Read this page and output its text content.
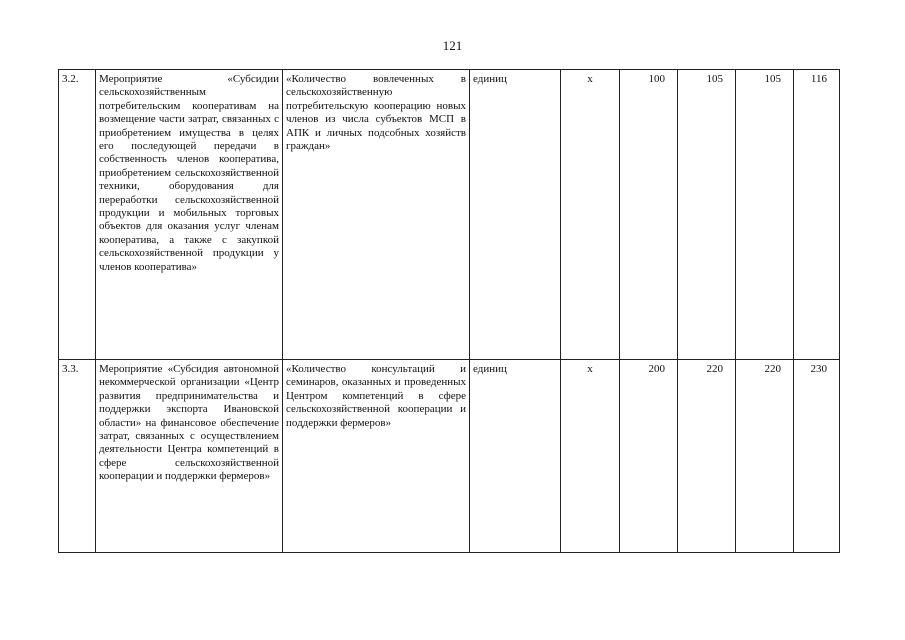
121
3.2.	Мероприятие «Субсидии сельскохозяйственным потребительским кооперативам на возмещение части затрат, связанных с приобретением имущества в целях его последующей передачи в собственность членов кооператива, приобретением сельскохозяйственной техники, оборудования для переработки сельскохозяйственной продукции и мобильных торговых объектов для оказания услуг членам кооператива, а также с закупкой сельскохозяйственной продукции у членов кооператива»	«Количество вовлеченных в сельскохозяйственную потребительскую кооперацию новых членов из числа субъектов МСП в АПК и личных подсобных хозяйств граждан»	единиц	x	100	105	105	116
3.3.	Мероприятие «Субсидия автономной некоммерческой организации «Центр развития предпринимательства и поддержки экспорта Ивановской области» на финансовое обеспечение затрат, связанных с осуществлением деятельности Центра компетенций в сфере сельскохозяйственной кооперации и поддержки фермеров»	«Количество консультаций и семинаров, оказанных и проведенных Центром компетенций в сфере сельскохозяйственной кооперации и поддержки фермеров»	единиц	x	200	220	220	230
